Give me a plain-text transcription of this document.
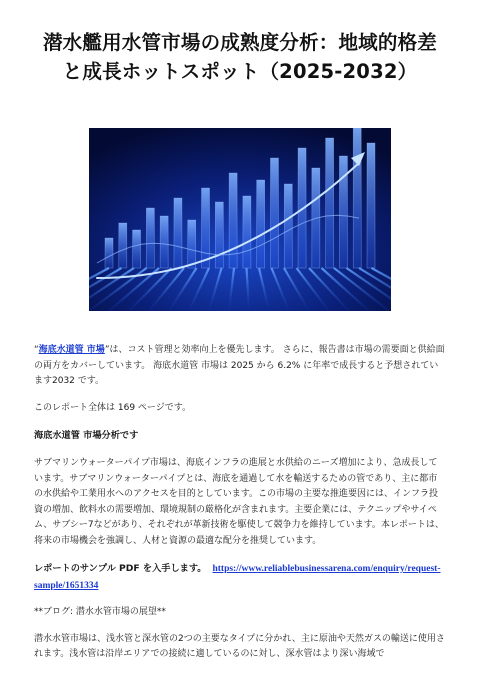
潜水艦用水管市場の成熟度分析：地域的格差と成長ホットスポット（2025-2032）

“海底水道管 市場”は、コスト管理と効率向上を優先します。 さらに、報告書は市場の需要面と供給面の両方をカバーしています。 海底水道管 市場は 2025 から 6.2% に年率で成長すると予想されています2032 です。

このレポート全体は 169 ページです。

海底水道管 市場分析です

サブマリンウォーターパイプ市場は、海底インフラの進展と水供給のニーズ増加により、急成長しています。サブマリンウォーターパイプとは、海底を通過して水を輸送するための管であり、主に都市の水供給や工業用水へのアクセスを目的としています。この市場の主要な推進要因には、インフラ投資の増加、飲料水の需要増加、環境規制の厳格化が含まれます。主要企業には、テクニップやサイペム、サブシー7などがあり、それぞれが革新技術を駆使して競争力を維持しています。本レポートは、将来の市場機会を強調し、人材と資源の最適な配分を推奨しています。

レポートのサンプル PDF を入手します。 https://www.reliablebusinessarena.com/enquiry/request-sample/1651334

**ブログ: 潜水水管市場の展望**

潜水水管市場は、浅水管と深水管の2つの主要なタイプに分かれ、主に原油や天然ガスの輸送に使用されます。浅水管は沿岸エリアでの接続に適しているのに対し、深水管はより深い海域で
